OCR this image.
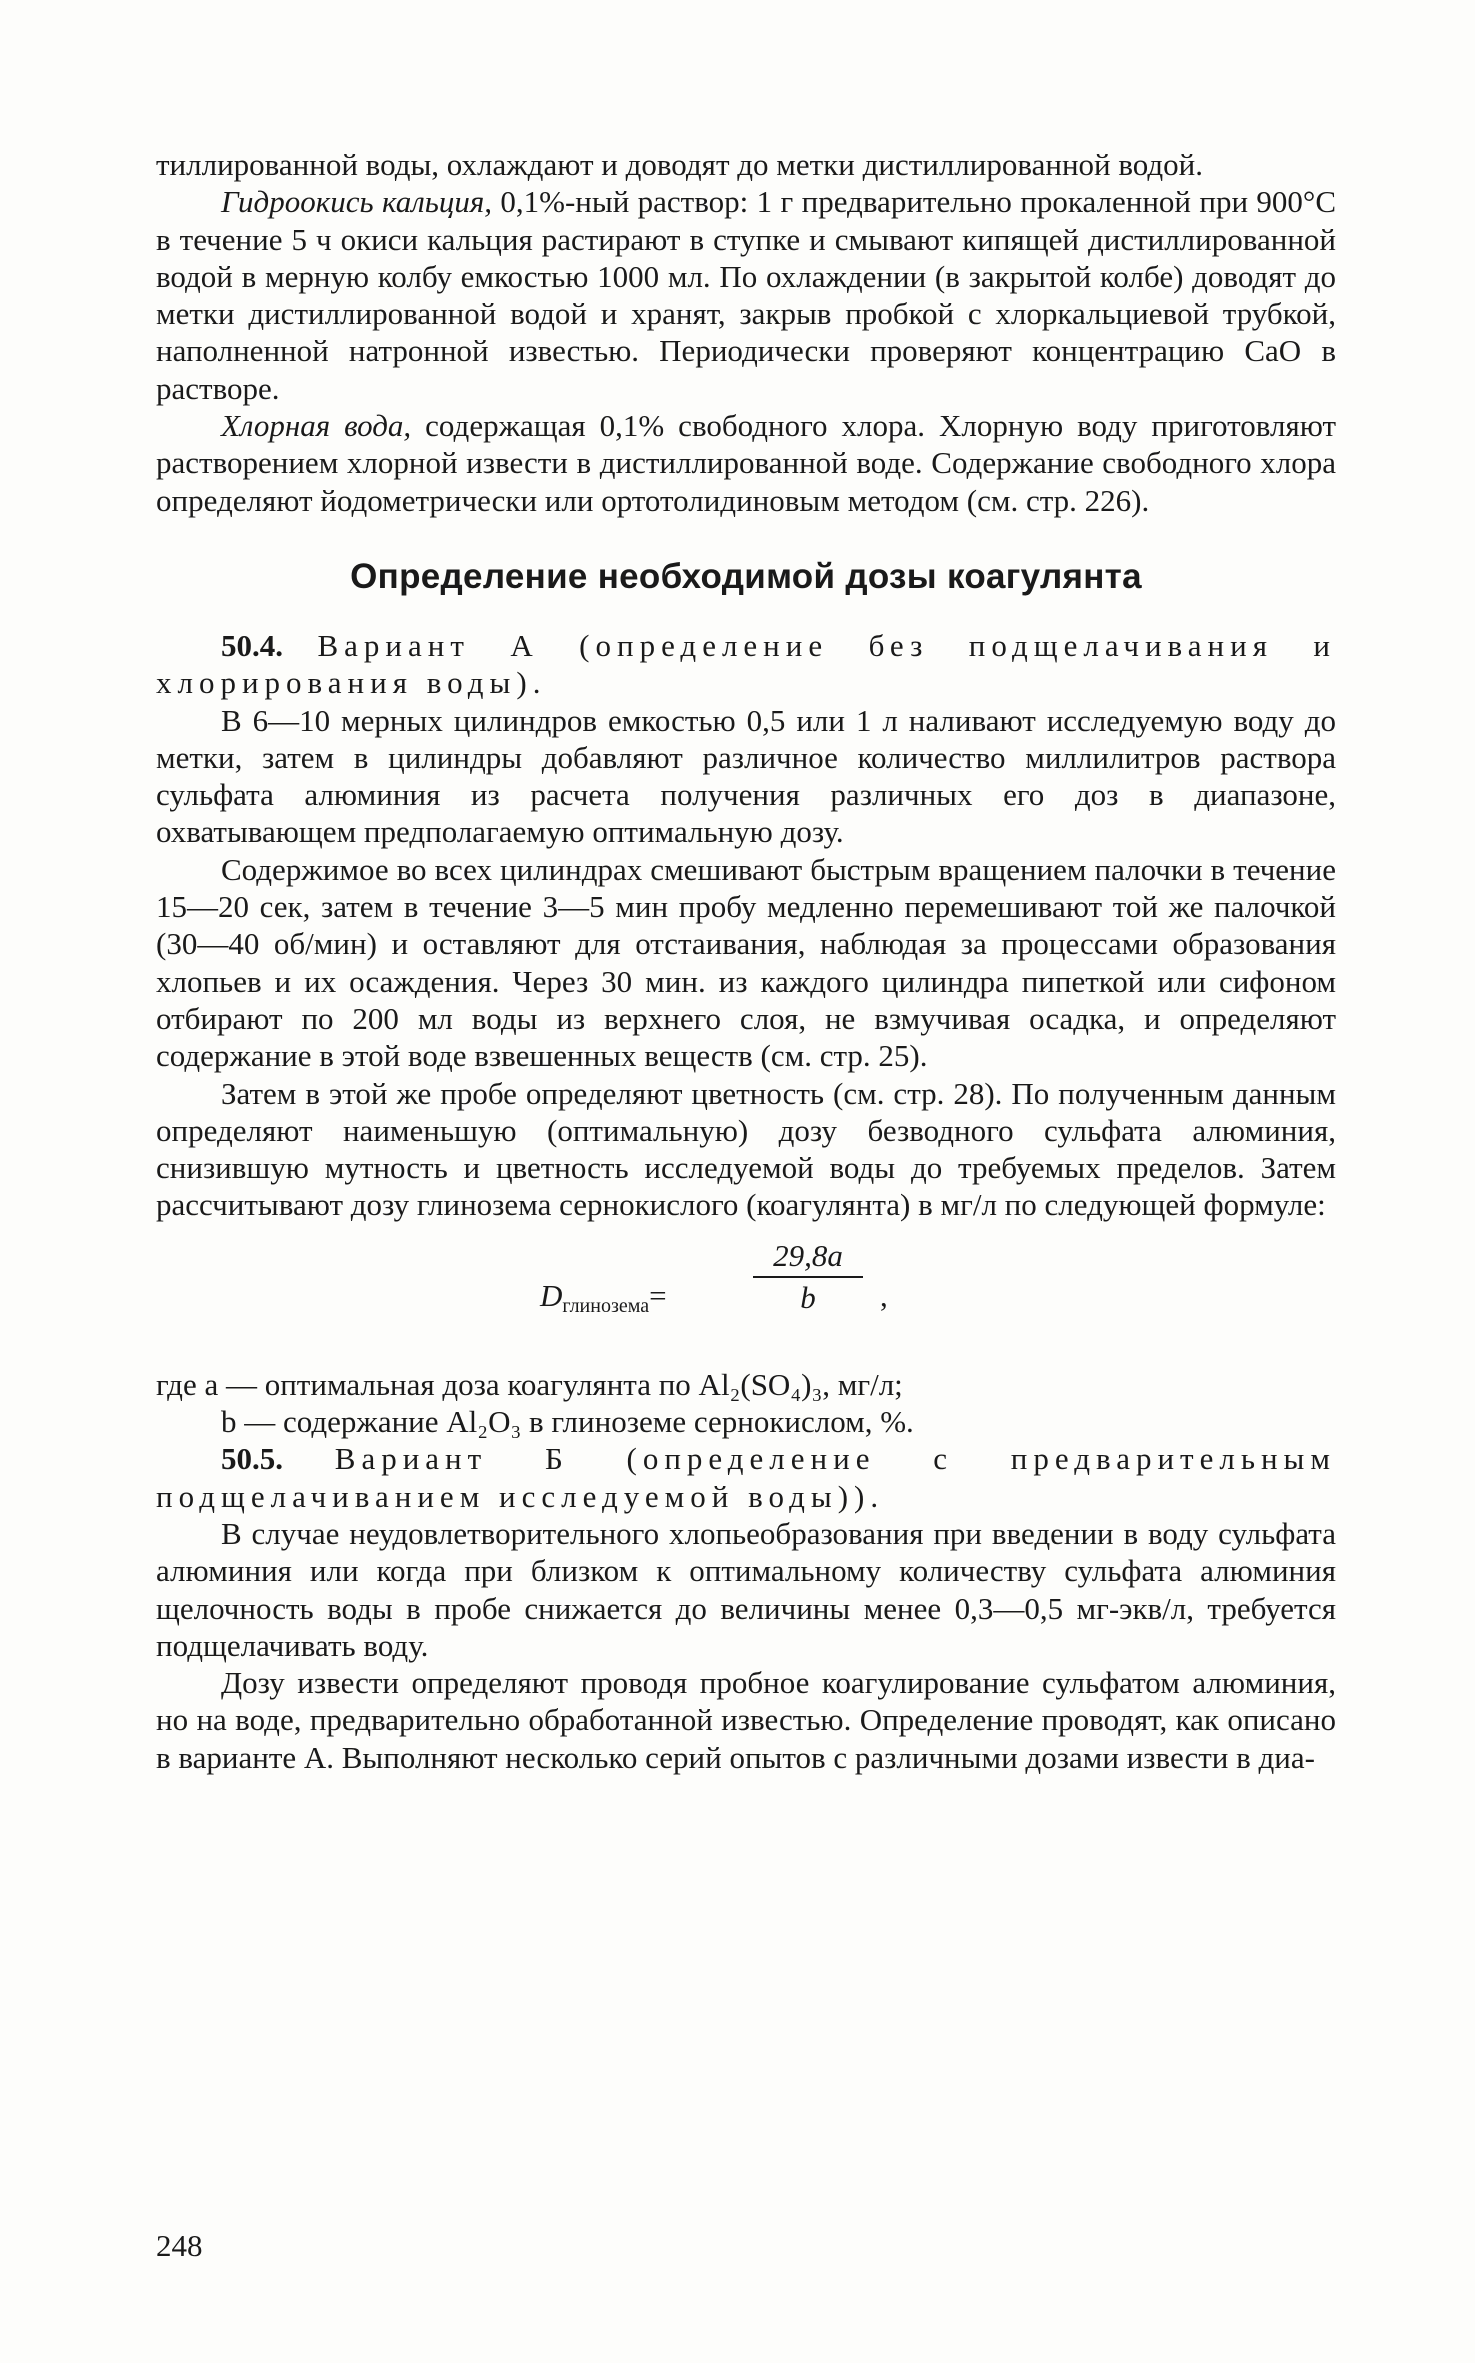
тиллированной воды, охлаждают и доводят до метки дистиллированной водой.

Гидроокись кальция, 0,1%-ный раствор: 1 г предварительно прокаленной при 900°С в течение 5 ч окиси кальция растирают в ступке и смывают кипящей дистиллированной водой в мерную колбу емкостью 1000 мл. По охлаждении (в закрытой колбе) доводят до метки дистиллированной водой и хранят, закрыв пробкой с хлоркальциевой трубкой, наполненной натронной известью. Периодически проверяют концентрацию СаО в растворе.

Хлорная вода, содержащая 0,1% свободного хлора. Хлорную воду приготовляют растворением хлорной извести в дистиллированной воде. Содержание свободного хлора определяют йодометрически или ортотолидиновым методом (см. стр. 226).

Определение необходимой дозы коагулянта

50.4. Вариант А (определение без подщелачивания и хлорирования воды).

В 6—10 мерных цилиндров емкостью 0,5 или 1 л наливают исследуемую воду до метки, затем в цилиндры добавляют различное количество миллилитров раствора сульфата алюминия из расчета получения различных его доз в диапазоне, охватывающем предполагаемую оптимальную дозу.

Содержимое во всех цилиндрах смешивают быстрым вращением палочки в течение 15—20 сек, затем в течение 3—5 мин пробу медленно перемешивают той же палочкой (30—40 об/мин) и оставляют для отстаивания, наблюдая за процессами образования хлопьев и их осаждения. Через 30 мин. из каждого цилиндра пипеткой или сифоном отбирают по 200 мл воды из верхнего слоя, не взмучивая осадка, и определяют содержание в этой воде взвешенных веществ (см. стр. 25).

Затем в этой же пробе определяют цветность (см. стр. 28). По полученным данным определяют наименьшую (оптимальную) дозу безводного сульфата алюминия, снизившую мутность и цветность исследуемой воды до требуемых пределов. Затем рассчитывают дозу глинозема сернокислого (коагулянта) в мг/л по следующей формуле:

$D_{глинозема}=$	$\frac{29,8a}{b}$ ,

где a — оптимальная доза коагулянта по Al₂(SO₄)₃, мг/л;

b — содержание Al₂O₃ в глиноземе сернокислом, %.

50.5. Вариант Б (определение с предварительным подщелачиванием исследуемой воды)).

В случае неудовлетворительного хлопьеобразования при введении в воду сульфата алюминия или когда при близком к оптимальному количеству сульфата алюминия щелочность воды в пробе снижается до величины менее 0,3—0,5 мг-экв/л, требуется подщелачивать воду.

Дозу извести определяют проводя пробное коагулирование сульфатом алюминия, но на воде, предварительно обработанной известью. Определение проводят, как описано в варианте А. Выполняют несколько серий опытов с различными дозами извести в диа-

248
